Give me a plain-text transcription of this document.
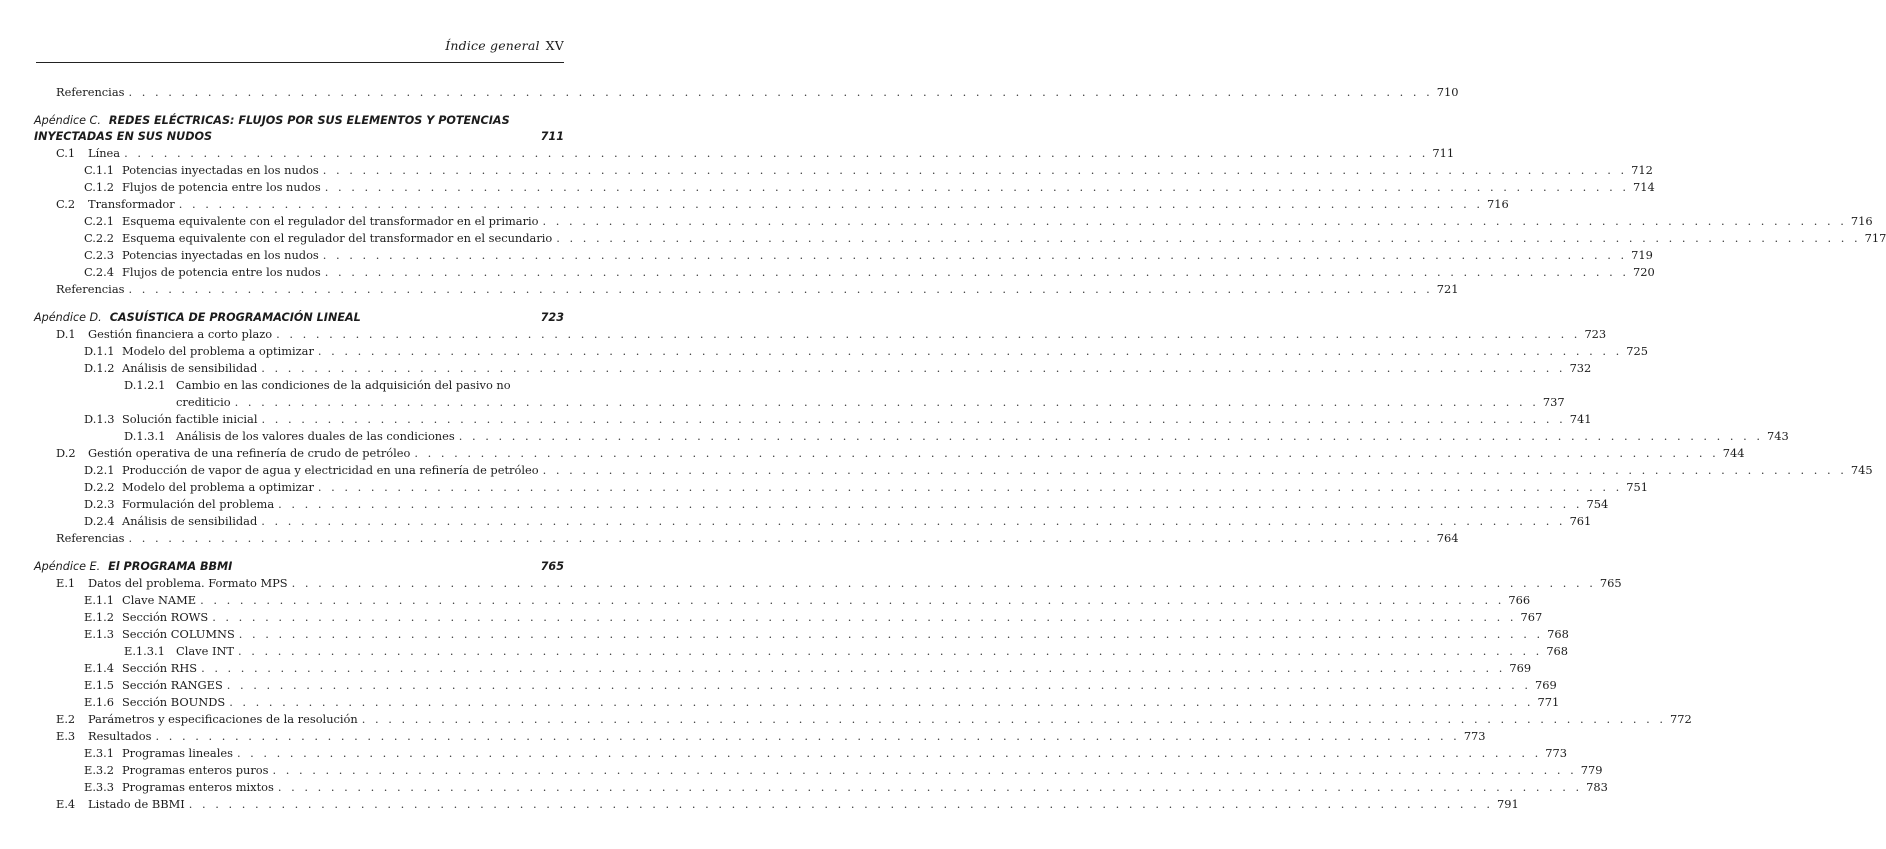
Índice general XV
Referencias . . .	710
Apéndice C. REDES ELÉCTRICAS: FLUJOS POR SUS ELEMENTOS Y POTENCIAS
INYECTADAS EN SUS NUDOS	711
C.1	Línea . . .	711
C.1.1 Potencias inyectadas en los nudos . . .	712
C.1.2 Flujos de potencia entre los nudos . . .	714
C.2	Transformador . . .	716
C.2.1 Esquema equivalente con el regulador del transformador en el primario . . .	716
C.2.2 Esquema equivalente con el regulador del transformador en el secundario . . .	717
C.2.3 Potencias inyectadas en los nudos . . .	719
C.2.4 Flujos de potencia entre los nudos . . .	720
Referencias . . .	721
Apéndice D. CASUÍSTICA DE PROGRAMACIÓN LINEAL	723
D.1	Gestión financiera a corto plazo . . .	723
D.1.1 Modelo del problema a optimizar . . .	725
D.1.2 Análisis de sensibilidad . . .	732
D.1.2.1 Cambio en las condiciones de la adquisición del pasivo no
crediticio . . .	737
D.1.3 Solución factible inicial . . .	741
D.1.3.1 Análisis de los valores duales de las condiciones . . .	743
D.2	Gestión operativa de una refinería de crudo de petróleo . . .	744
D.2.1 Producción de vapor de agua y electricidad en una refinería de petróleo . . .	745
D.2.2 Modelo del problema a optimizar . . .	751
D.2.3 Formulación del problema . . .	754
D.2.4 Análisis de sensibilidad . . .	761
Referencias . . .	764
Apéndice E. El PROGRAMA BBMI	765
E.1	Datos del problema. Formato MPS . . .	765
E.1.1 Clave NAME . . .	766
E.1.2 Sección ROWS . . .	767
E.1.3 Sección COLUMNS . . .	768
E.1.3.1 Clave INT . . .	768
E.1.4 Sección RHS . . .	769
E.1.5 Sección RANGES . . .	769
E.1.6 Sección BOUNDS . . .	771
E.2	Parámetros y especificaciones de la resolución . . .	772
E.3	Resultados . . .	773
E.3.1 Programas lineales . . .	773
E.3.2 Programas enteros puros . . .	779
E.3.3 Programas enteros mixtos . . .	783
E.4	Listado de BBMI . . .	791
